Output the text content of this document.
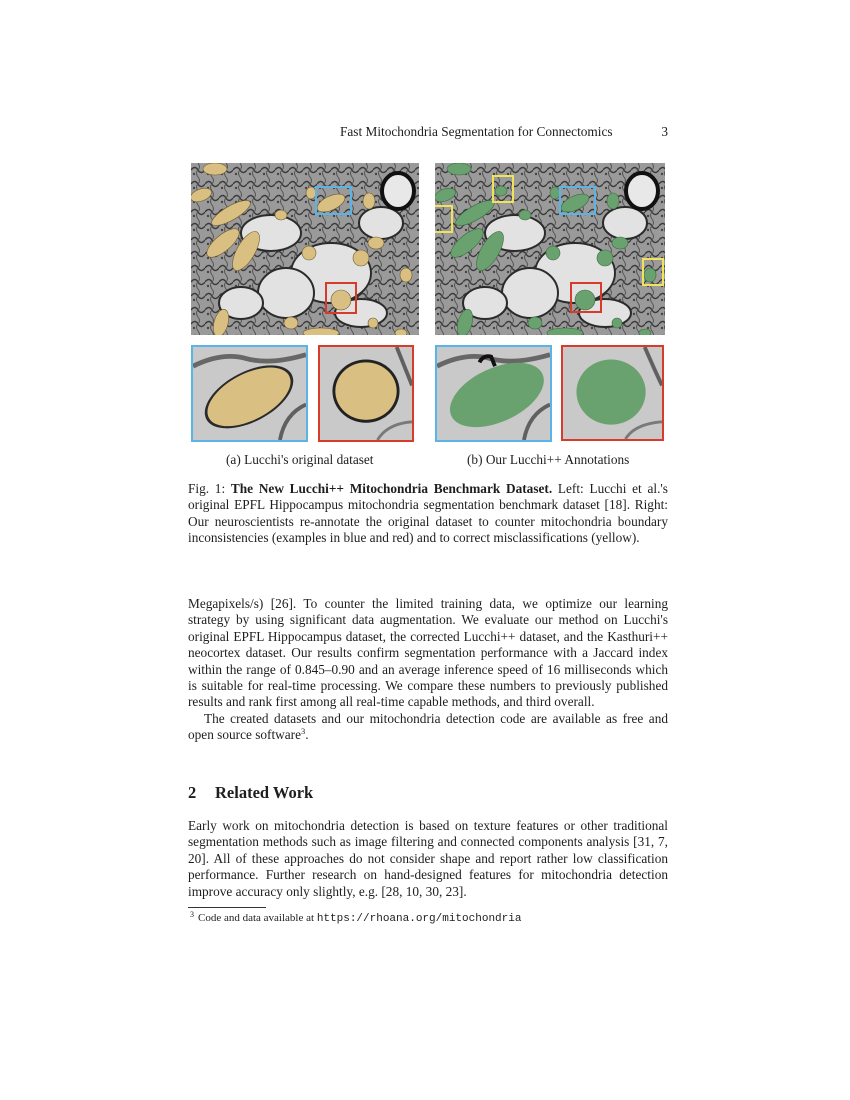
Fast Mitochondria Segmentation for Connectomics	3
(a) Lucchi's original dataset	(b) Our Lucchi++ Annotations

Fig. 1: The New Lucchi++ Mitochondria Benchmark Dataset. Left: Lucchi et al.'s original EPFL Hippocampus mitochondria segmentation benchmark dataset [18]. Right: Our neuroscientists re-annotate the original dataset to counter mitochondria boundary inconsistencies (examples in blue and red) and to correct misclassifications (yellow).

Megapixels/s) [26]. To counter the limited training data, we optimize our learning strategy by using significant data augmentation. We evaluate our method on Lucchi's original EPFL Hippocampus dataset, the corrected Lucchi++ dataset, and the Kasthuri++ neocortex dataset. Our results confirm segmentation performance with a Jaccard index within the range of 0.845–0.90 and an average inference speed of 16 milliseconds which is suitable for real-time processing. We compare these numbers to previously published results and rank first among all real-time capable methods, and third overall.

The created datasets and our mitochondria detection code are available as free and open source software$^3$.

2 Related Work

Early work on mitochondria detection is based on texture features or other traditional segmentation methods such as image filtering and connected components analysis [31, 7, 20]. All of these approaches do not consider shape and report rather low classification performance. Further research on hand-designed features for mitochondria detection improve accuracy only slightly, e.g. [28, 10, 30, 23].

$^3$ Code and data available at https://rhoana.org/mitochondria
